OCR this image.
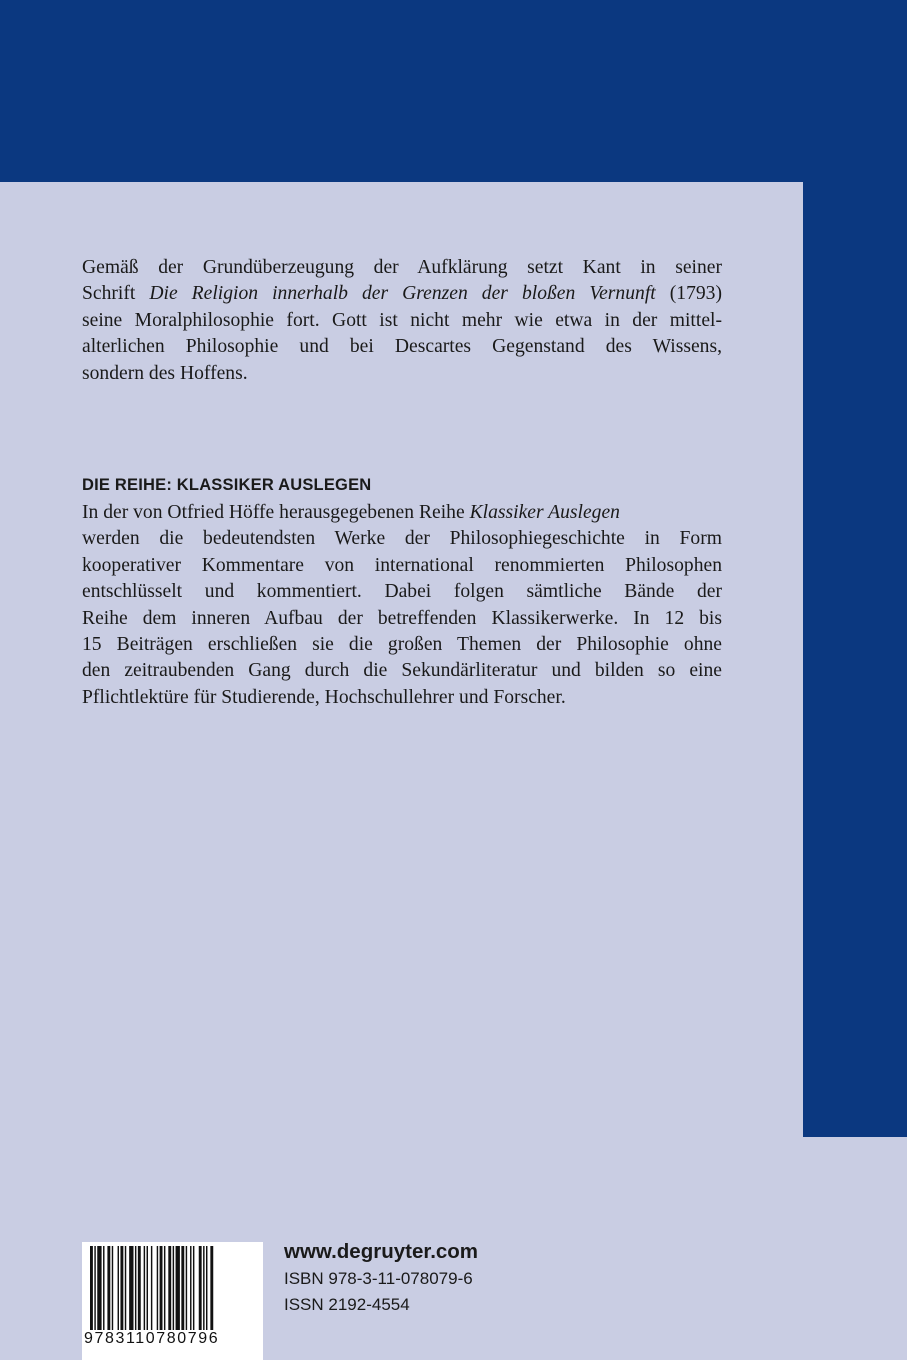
Gemäß der Grundüberzeugung der Aufklärung setzt Kant in seiner
Schrift Die Religion innerhalb der Grenzen der bloßen Vernunft (1793)
seine Moralphilosophie fort. Gott ist nicht mehr wie etwa in der mittel-
alterlichen Philosophie und bei Descartes Gegenstand des Wissens,
sondern des Hoffens.
DIE REIHE: KLASSIKER AUSLEGEN
In der von Otfried Höffe herausgegebenen Reihe Klassiker Auslegen
werden die bedeutendsten Werke der Philosophiegeschichte in Form
kooperativer Kommentare von international renommierten Philosophen
entschlüsselt und kommentiert. Dabei folgen sämtliche Bände der
Reihe dem inneren Aufbau der betreffenden Klassikerwerke. In 12 bis
15 Beiträgen erschließen sie die großen Themen der Philosophie ohne
den zeitraubenden Gang durch die Sekundärliteratur und bilden so eine
Pflichtlektüre für Studierende, Hochschullehrer und Forscher.
9783110780796
www.degruyter.com
ISBN 978-3-11-078079-6
ISSN 2192-4554
